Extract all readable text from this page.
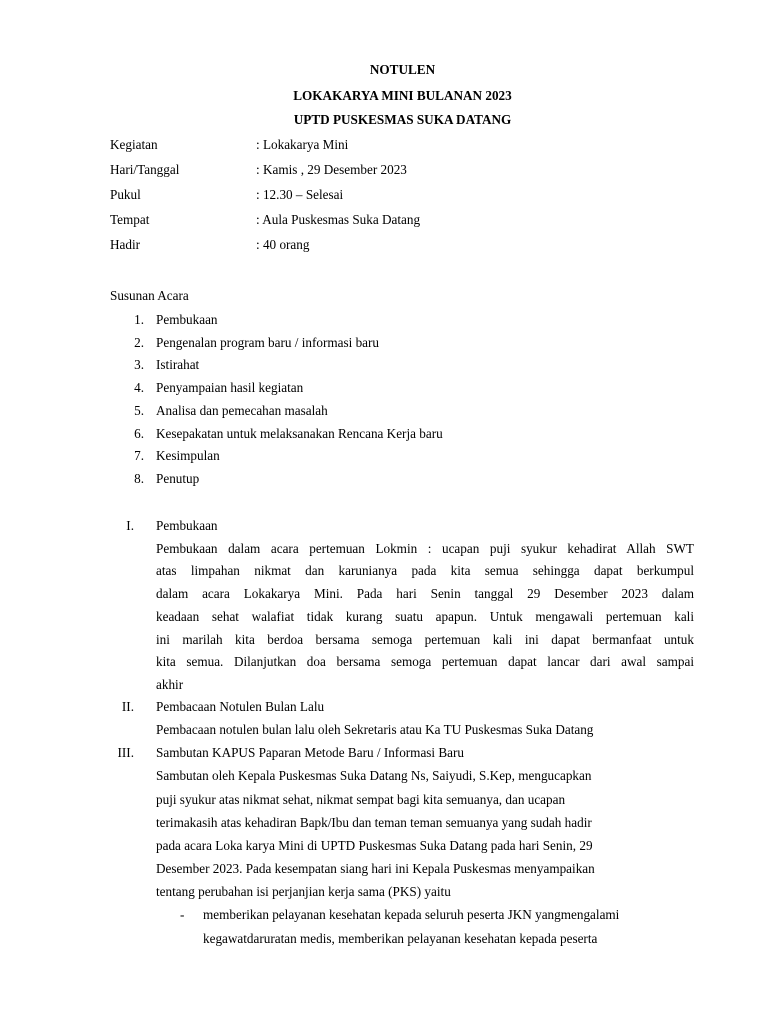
NOTULEN
LOKAKARYA MINI BULANAN 2023
UPTD PUSKESMAS SUKA DATANG
Kegiatan	: Lokakarya Mini
Hari/Tanggal	: Kamis , 29 Desember 2023
Pukul	: 12.30 – Selesai
Tempat	: Aula Puskesmas Suka Datang
Hadir	: 40 orang
Susunan Acara
1. Pembukaan
2. Pengenalan program baru / informasi baru
3. Istirahat
4. Penyampaian hasil kegiatan
5. Analisa dan pemecahan masalah
6. Kesepakatan untuk melaksanakan Rencana Kerja baru
7. Kesimpulan
8. Penutup
I. Pembukaan
Pembukaan dalam acara pertemuan Lokmin : ucapan puji syukur kehadirat Allah SWT
atas limpahan nikmat dan karunianya pada kita semua sehingga dapat berkumpul
dalam acara Lokakarya Mini. Pada hari Senin tanggal 29 Desember 2023 dalam
keadaan sehat walafiat tidak kurang suatu apapun. Untuk mengawali pertemuan kali
ini marilah kita berdoa bersama semoga pertemuan kali ini dapat bermanfaat untuk
kita semua. Dilanjutkan doa bersama semoga pertemuan dapat lancar dari awal sampai
akhir
II. Pembacaan Notulen Bulan Lalu
Pembacaan notulen bulan lalu oleh Sekretaris atau Ka TU Puskesmas Suka Datang
III. Sambutan KAPUS Paparan Metode Baru / Informasi Baru
Sambutan oleh Kepala Puskesmas Suka Datang Ns, Saiyudi, S.Kep, mengucapkan
puji syukur atas nikmat sehat, nikmat sempat bagi kita semuanya, dan ucapan
terimakasih atas kehadiran Bapk/Ibu dan teman teman semuanya yang sudah hadir
pada acara Loka karya Mini di UPTD Puskesmas Suka Datang pada hari Senin, 29
Desember 2023. Pada kesempatan siang hari ini Kepala Puskesmas menyampaikan
tentang perubahan isi perjanjian kerja sama (PKS) yaitu
- memberikan pelayanan kesehatan kepada seluruh peserta JKN yangmengalami
kegawatdaruratan medis, memberikan pelayanan kesehatan kepada peserta
